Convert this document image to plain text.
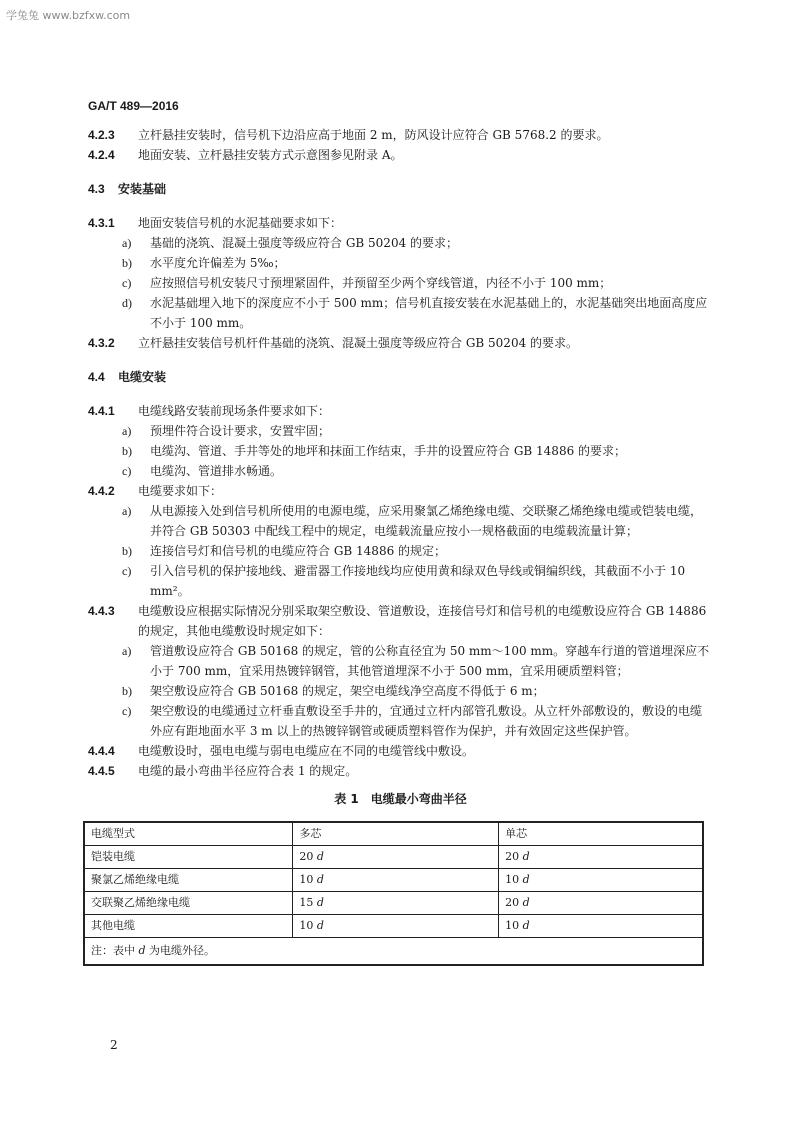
学兔兔 www.bzfxw.com
GA/T 489—2016
4.2.3	立杆悬挂安装时，信号机下边沿应高于地面 2 m，防风设计应符合 GB 5768.2 的要求。
4.2.4	地面安装、立杆悬挂安装方式示意图参见附录 A。
4.3	安装基础
4.3.1	地面安装信号机的水泥基础要求如下：
a)	基础的浇筑、混凝土强度等级应符合 GB 50204 的要求；
b)	水平度允许偏差为 5‰；
c)	应按照信号机安装尺寸预埋紧固件，并预留至少两个穿线管道，内径不小于 100 mm；
d)	水泥基础埋入地下的深度应不小于 500 mm；信号机直接安装在水泥基础上的，水泥基础突出地面高度应不小于 100 mm。
4.3.2	立杆悬挂安装信号机杆件基础的浇筑、混凝土强度等级应符合 GB 50204 的要求。
4.4	电缆安装
4.4.1	电缆线路安装前现场条件要求如下：
a)	预埋件符合设计要求，安置牢固；
b)	电缆沟、管道、手井等处的地坪和抹面工作结束，手井的设置应符合 GB 14886 的要求；
c)	电缆沟、管道排水畅通。
4.4.2	电缆要求如下：
a)	从电源接入处到信号机所使用的电源电缆，应采用聚氯乙烯绝缘电缆、交联聚乙烯绝缘电缆或铠装电缆，并符合 GB 50303 中配线工程中的规定，电缆载流量应按小一规格截面的电缆载流量计算；
b)	连接信号灯和信号机的电缆应符合 GB 14886 的规定；
c)	引入信号机的保护接地线、避雷器工作接地线均应使用黄和绿双色导线或铜编织线，其截面不小于 10 mm²。
4.4.3	电缆敷设应根据实际情况分别采取架空敷设、管道敷设，连接信号灯和信号机的电缆敷设应符合 GB 14886 的规定，其他电缆敷设时规定如下：
a)	管道敷设应符合 GB 50168 的规定，管的公称直径宜为 50 mm～100 mm。穿越车行道的管道埋深应不小于 700 mm，宜采用热镀锌钢管，其他管道埋深不小于 500 mm，宜采用硬质塑料管；
b)	架空敷设应符合 GB 50168 的规定，架空电缆线净空高度不得低于 6 m；
c)	架空敷设的电缆通过立杆垂直敷设至手井的，宜通过立杆内部管孔敷设。从立杆外部敷设的，敷设的电缆外应有距地面水平 3 m 以上的热镀锌钢管或硬质塑料管作为保护，并有效固定这些保护管。
4.4.4	电缆敷设时，强电电缆与弱电电缆应在不同的电缆管线中敷设。
4.4.5	电缆的最小弯曲半径应符合表 1 的规定。
表 1　电缆最小弯曲半径
电缆型式	多芯	单芯
铠装电缆	20 d	20 d
聚氯乙烯绝缘电缆	10 d	10 d
交联聚乙烯绝缘电缆	15 d	20 d
其他电缆	10 d	10 d
注：表中 d 为电缆外径。		
2
